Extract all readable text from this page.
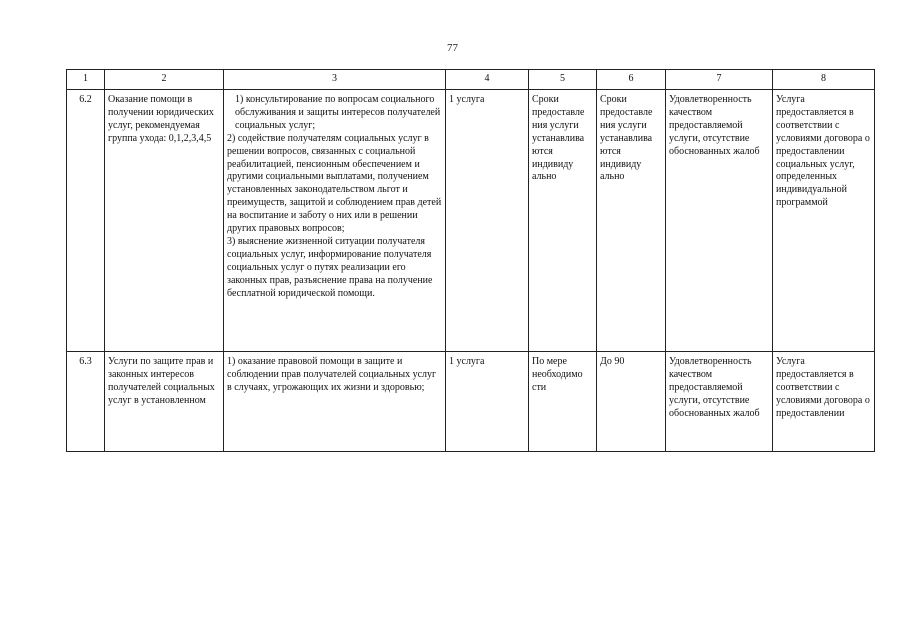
77
1	2	3	4	5	6	7	8
6.2	Оказание помощи в получении юридических услуг, рекомендуемая группа ухода: 0,1,2,3,4,5	1) консультирование по вопросам социального обслуживания и защиты интересов получателей социальных услуг;
2) содействие получателям социальных услуг в решении вопросов, связанных с социальной реабилитацией, пенсионным обеспечением и другими социальными выплатами, получением установленных законодательством льгот и преимуществ, защитой и соблюдением прав детей на воспитание и заботу о них или в решении других правовых вопросов;
3) выяснение жизненной ситуации получателя социальных услуг, информирование получателя социальных услуг о путях реализации его законных прав, разъяснение права на получение бесплатной юридической помощи.	1 услуга	Сроки предоставле ния услуги устанавлива ются индивиду ально	Сроки предоставле ния услуги устанавлива ются индивиду ально	Удовлетворенность качеством предоставляемой услуги, отсутствие обоснованных жалоб	Услуга предоставляется в соответствии с условиями договора о предоставлении социальных услуг, определенных индивидуальной программой
6.3	Услуги по защите прав и законных интересов получателей социальных услуг в установленном	1) оказание правовой помощи в защите и соблюдении прав получателей социальных услуг в случаях, угрожающих их жизни и здоровью;	1 услуга	По мере необходимо сти	До 90	Удовлетворенность качеством предоставляемой услуги, отсутствие обоснованных жалоб	Услуга предоставляется в соответствии с условиями договора о предоставлении
